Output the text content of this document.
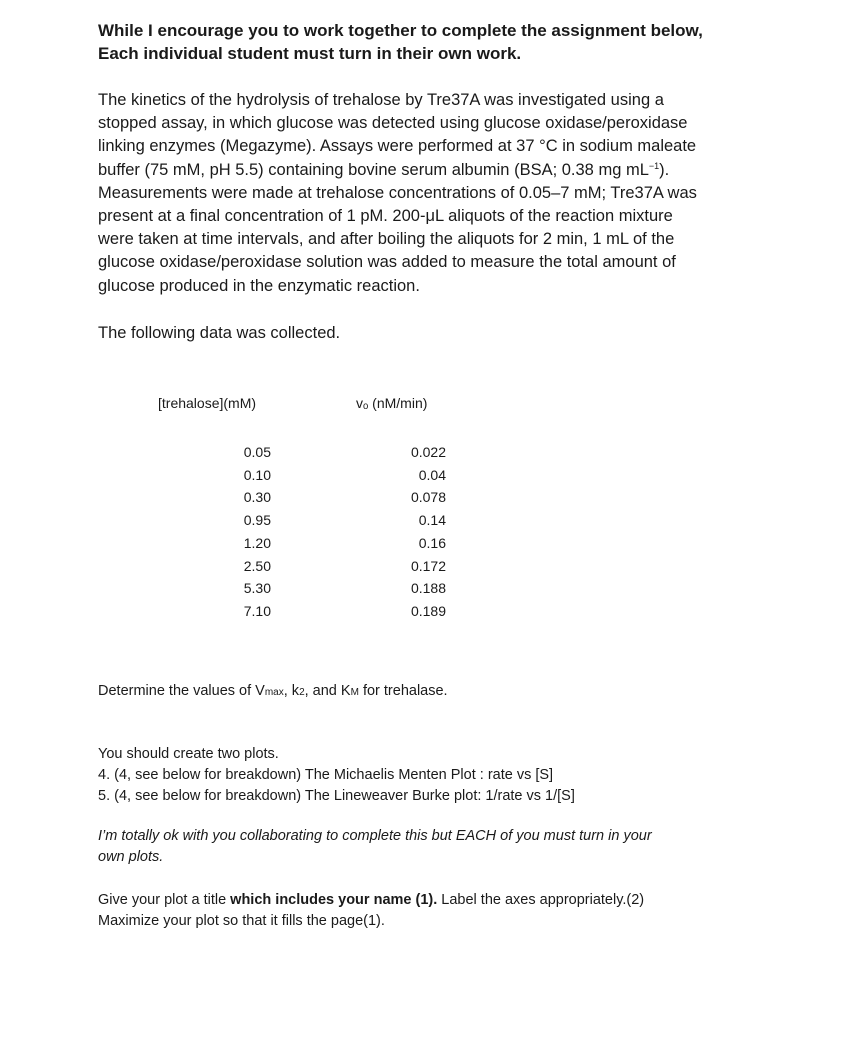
While I encourage you to work together to complete the assignment below,
Each individual student must turn in their own work.
The kinetics of the hydrolysis of trehalose by Tre37A was investigated using a
stopped assay, in which glucose was detected using glucose oxidase/peroxidase
linking enzymes (Megazyme). Assays were performed at 37 °C in sodium maleate
buffer (75 mM, pH 5.5) containing bovine serum albumin (BSA; 0.38 mg $mL^{-1}$).
Measurements were made at trehalose concentrations of 0.05–7 mM; Tre37A was
present at a final concentration of 1 pM. 200-μL aliquots of the reaction mixture
were taken at time intervals, and after boiling the aliquots for 2 min, 1 mL of the
glucose oxidase/peroxidase solution was added to measure the total amount of
glucose produced in the enzymatic reaction.
The following data was collected.
[trehalose](mM)	vₒ (nM/min)
0.05
0.10
0.30
0.95
1.20
2.50
5.30
7.10
0.022
0.04
0.078
0.14
0.16
0.172
0.188
0.189
Determine the values of Vmax, k2, and KM for trehalase.
You should create two plots.
4. (4, see below for breakdown) The Michaelis Menten Plot : rate vs [S]
5. (4, see below for breakdown) The Lineweaver Burke plot: 1/rate vs 1/[S]
I’m totally ok with you collaborating to complete this but EACH of you must turn in your
own plots.
Give your plot a title which includes your name (1). Label the axes appropriately.(2)
Maximize your plot so that it fills the page(1).
